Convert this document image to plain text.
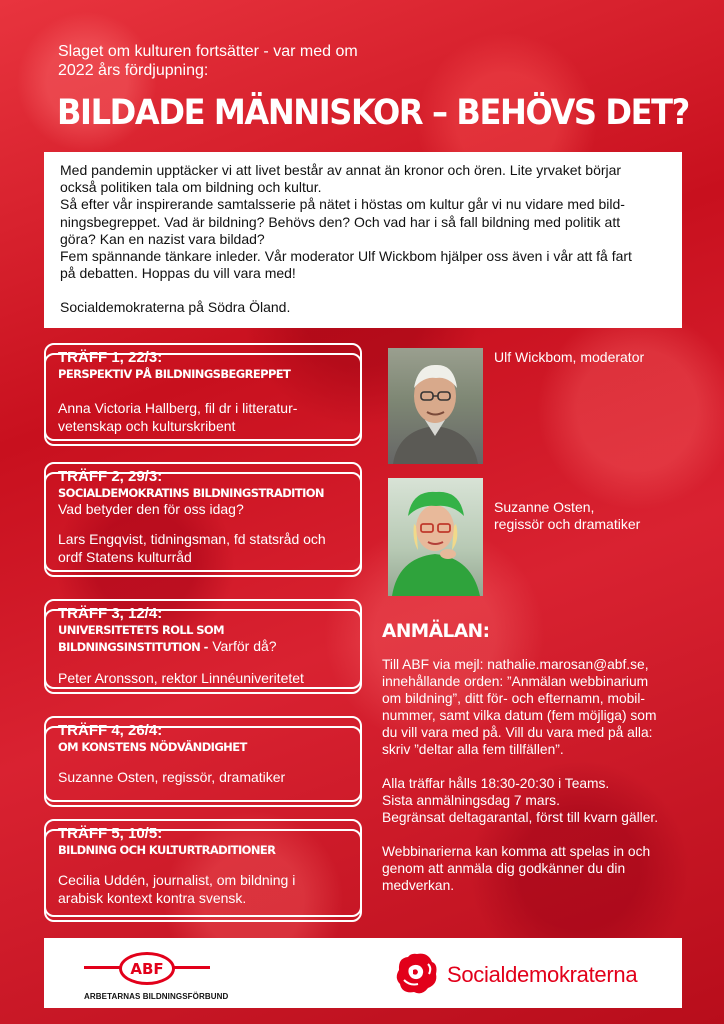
Slaget om kulturen fortsätter - var med om
2022 års fördjupning:
BILDADE MÄNNISKOR – BEHÖVS DET?

Med pandemin upptäcker vi att livet består av annat än kronor och ören. Lite yrvaket börjar

också politiken tala om bildning och kultur.

Så efter vår inspirerande samtalsserie på nätet i höstas om kultur går vi nu vidare med bild-

ningsbegreppet. Vad är bildning? Behövs den? Och vad har i så fall bildning med politik att

göra? Kan en nazist vara bildad?

Fem spännande tänkare inleder. Vår moderator Ulf Wickbom hjälper oss även i vår att få fart

på debatten. Hoppas du vill vara med!

Socialdemokraterna på Södra Öland.

TRÄFF 1, 22/3:
PERSPEKTIV PÅ BILDNINGSBEGREPPET
Anna Victoria Hallberg, fil dr i litteratur-
vetenskap och kulturskribent
TRÄFF 2, 29/3:
SOCIALDEMOKRATINS BILDNINGSTRADITION
Vad betyder den för oss idag?
Lars Engqvist, tidningsman, fd statsråd och
ordf Statens kulturråd
TRÄFF 3, 12/4:
UNIVERSITETETS ROLL SOM
BILDNINGSINSTITUTION - Varför då?
Peter Aronsson, rektor Linnéuniveritetet
TRÄFF 4, 26/4:
OM KONSTENS NÖDVÄNDIGHET
Suzanne Osten, regissör, dramatiker
TRÄFF 5, 10/5:
BILDNING OCH KULTURTRADITIONER
Cecilia Uddén, journalist, om bildning i
arabisk kontext kontra svensk.
Ulf Wickbom, moderator
Suzanne Osten,
regissör och dramatiker
ANMÄLAN:

Till ABF via mejl: nathalie.marosan@abf.se,

innehållande orden: ”Anmälan webbinarium

om bildning”, ditt för- och efternamn, mobil-

nummer, samt vilka datum (fem möjliga) som

du vill vara med på. Vill du vara med på alla:

skriv ”deltar alla fem tillfällen”.

Alla träffar hålls 18:30-20:30 i Teams.

Sista anmälningsdag 7 mars.

Begränsat deltagarantal, först till kvarn gäller.

Webbinarierna kan komma att spelas in och

genom att anmäla dig godkänner du din

medverkan.

ABF
ARBETARNAS BILDNINGSFÖRBUND
Socialdemokraterna
